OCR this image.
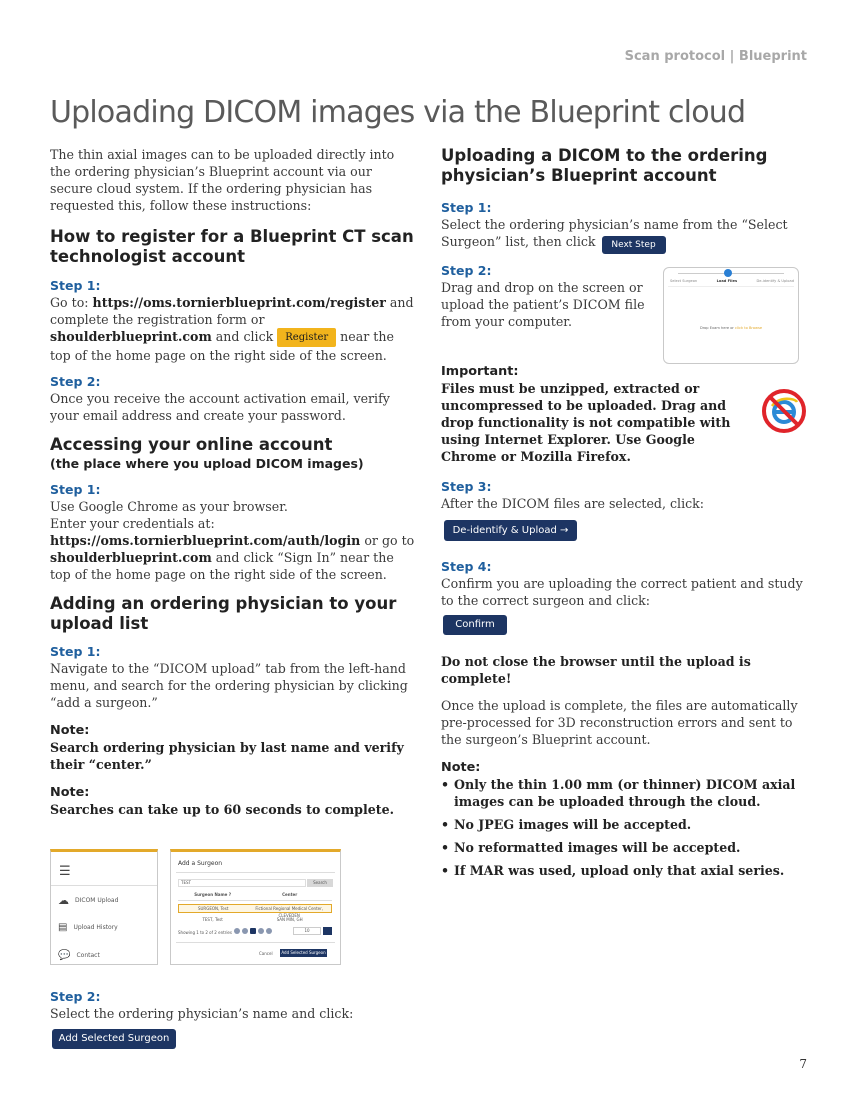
Scan protocol | Blueprint
Uploading DICOM images via the Blueprint cloud

The thin axial images can to be uploaded directly into the ordering physician’s Blueprint account via our secure cloud system. If the ordering physician has requested this, follow these instructions:

How to register for a Blueprint CT scan technologist account
Step 1:

Go to: https://oms.tornierblueprint.com/register and complete the registration form or shoulderblueprint.com and click Register near the top of the home page on the right side of the screen.

Step 2:

Once you receive the account activation email, verify your email address and create your password.

Accessing your online account
(the place where you upload DICOM images)
Step 1:

Use Google Chrome as your browser.

Enter your credentials at:

https://oms.tornierblueprint.com/auth/login or go to shoulderblueprint.com and click “Sign In” near the top of the home page on the right side of the screen.

Adding an ordering physician to your upload list
Step 1:

Navigate to the “DICOM upload” tab from the left-hand menu, and search for the ordering physician by clicking “add a surgeon.”

Note:

Search ordering physician by last name and verify their “center.”

Note:

Searches can take up to 60 seconds to complete.

☰
☁ DICOM Upload
▤ Upload History
💬 Contact
Add a Surgeon
TEST	Search
Surgeon Name ?	Center
SURGEON, Test	Fictional Regional Medical Center, CLEVEDEN
TEST, Test	SAN MIN, GH
Showing 1 to 2 of 2 entries	10
Cancel	Add Selected Surgeon
Step 2:

Select the ordering physician’s name and click:

Add Selected Surgeon
Uploading a DICOM to the ordering physician’s Blueprint account
Step 1:

Select the ordering physician’s name from the “Select Surgeon” list, then click Next Step

Step 2:

Drag and drop on the screen or upload the patient’s DICOM file from your computer.

Important:

Files must be unzipped, extracted or uncompressed to be uploaded. Drag and drop functionality is not compatible with using Internet Explorer. Use Google Chrome or Mozilla Firefox.

Step 3:

After the DICOM files are selected, click:

De-identify & Upload →
Step 4:

Confirm you are uploading the correct patient and study to the correct surgeon and click:

Confirm

Do not close the browser until the upload is complete!

Once the upload is complete, the files are automatically pre-processed for 3D reconstruction errors and sent to the surgeon’s Blueprint account.

Note:
• Only the thin 1.00 mm (or thinner) DICOM axial images can be uploaded through the cloud.
• No JPEG images will be accepted.
• No reformatted images will be accepted.
• If MAR was used, upload only that axial series.
Select Surgeon	Load Files	De-identify & Upload
Drop Exam here or click to Browse
7
